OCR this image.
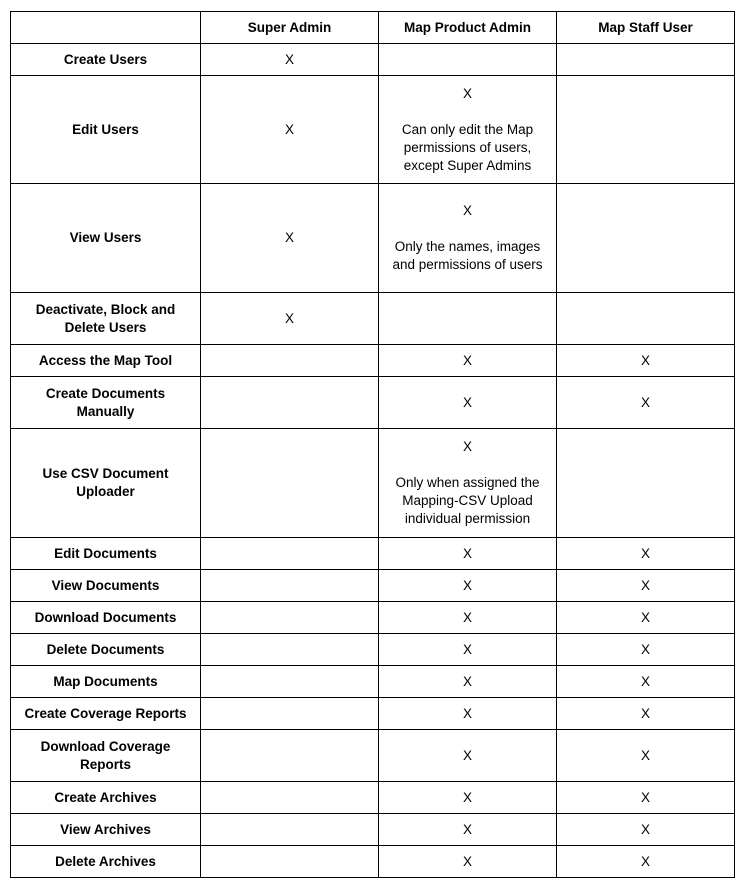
	Super Admin	Map Product Admin	Map Staff User
Create Users	X		
Edit Users	X	X
Can only edit the Map permissions of users, except Super Admins	

View Users	X	X
Only the names, images and permissions of users	

Deactivate, Block and Delete Users	X		
Access the Map Tool		X	X
Create Documents Manually		X	X
Use CSV Document Uploader		X
Only when assigned the Mapping-CSV Upload individual permission	

Edit Documents		X	X
View Documents		X	X
Download Documents		X	X
Delete Documents		X	X
Map Documents		X	X
Create Coverage Reports		X	X
Download Coverage Reports		X	X
Create Archives		X	X
View Archives		X	X
Delete Archives		X	X
